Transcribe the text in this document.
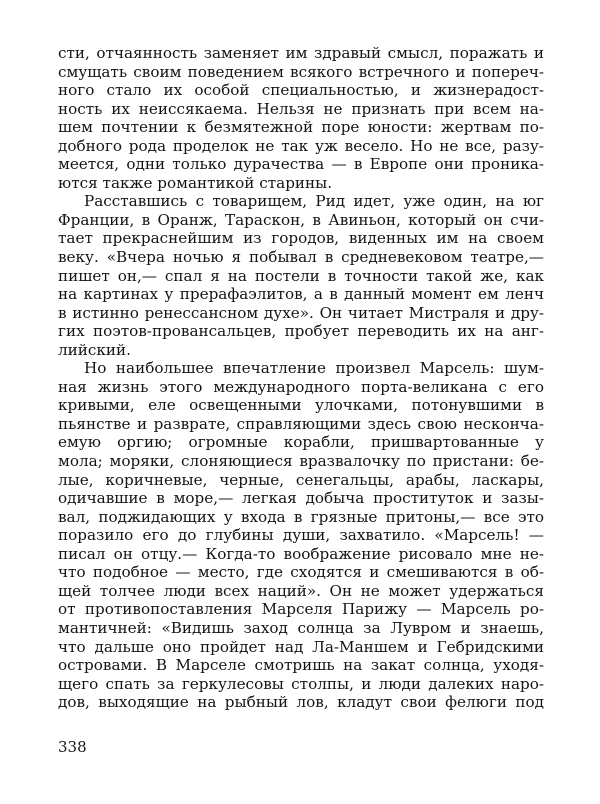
сти, отчаянность заменяет им здравый смысл, поражать и
смущать своим поведением всякого встречного и попереч-
ного стало их особой специальностью, и жизнерадост-
ность их неиссякаема. Нельзя не признать при всем на-
шем почтении к безмятежной поре юности: жертвам по-
добного рода проделок не так уж весело. Но не все, разу-
меется, одни только дурачества — в Европе они проника-
ются также романтикой старины.
Расставшись с товарищем, Рид идет, уже один, на юг
Франции, в Оранж, Тараскон, в Авиньон, который он счи-
тает прекраснейшим из городов, виденных им на своем
веку. «Вчера ночью я побывал в средневековом театре,—
пишет он,— спал я на постели в точности такой же, как
на картинах у прерафаэлитов, а в данный момент ем ленч
в истинно ренессансном духе». Он читает Мистраля и дру-
гих поэтов-провансальцев, пробует переводить их на анг-
лийский.
Но наибольшее впечатление произвел Марсель: шум-
ная жизнь этого международного порта-великана с его
кривыми, еле освещенными улочками, потонувшими в
пьянстве и разврате, справляющими здесь свою несконча-
емую оргию; огромные корабли, пришвартованные у
мола; моряки, слоняющиеся вразвалочку по пристани: бе-
лые, коричневые, черные, сенегальцы, арабы, ласкары,
одичавшие в море,— легкая добыча проституток и зазы-
вал, поджидающих у входа в грязные притоны,— все это
поразило его до глубины души, захватило. «Марсель! —
писал он отцу.— Когда-то воображение рисовало мне не-
что подобное — место, где сходятся и смешиваются в об-
щей толчее люди всех наций». Он не может удержаться
от противопоставления Марселя Парижу — Марсель ро-
мантичней: «Видишь заход солнца за Лувром и знаешь,
что дальше оно пройдет над Ла-Маншем и Гебридскими
островами. В Марселе смотришь на закат солнца, уходя-
щего спать за геркулесовы столпы, и люди далеких наро-
дов, выходящие на рыбный лов, кладут свои фелюги под
338
